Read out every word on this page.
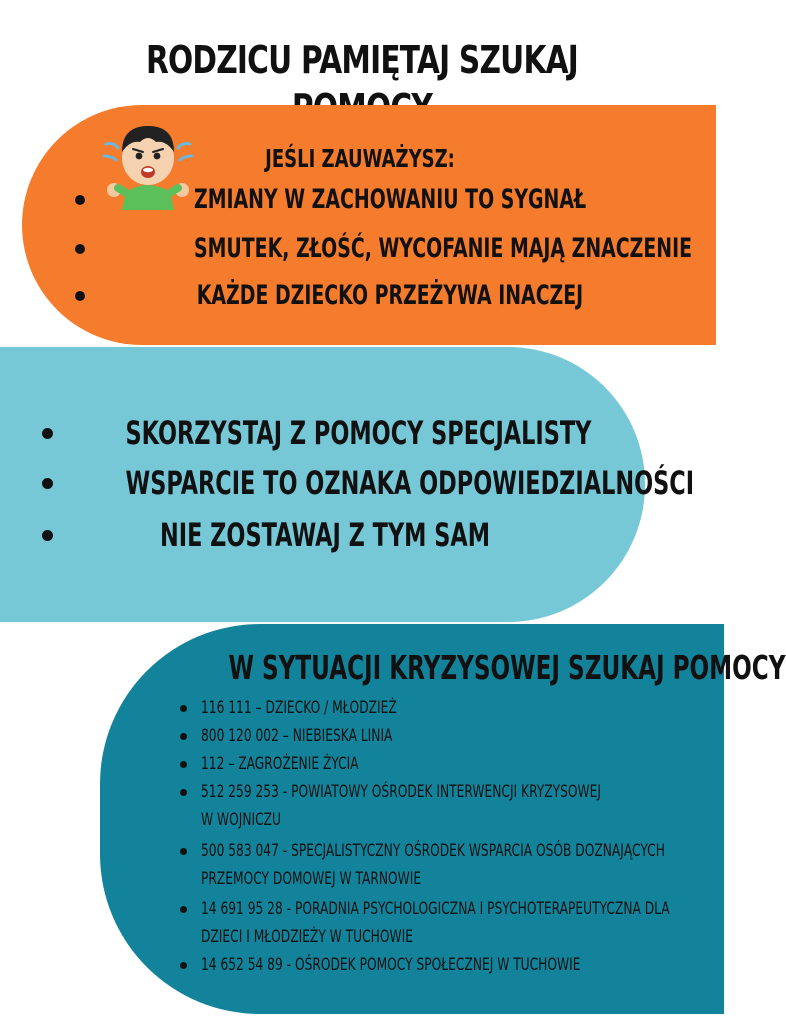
RODZICU PAMIĘTAJ SZUKAJ
JEŚLI ZAUWAŻYSZ:
ZMIANY W ZACHOWANIU TO SYGNAŁ
SMUTEK, ZŁOŚĆ, WYCOFANIE MAJĄ ZNACZENIE
KAŻDE DZIECKO PRZEŻYWA INACZEJ
SKORZYSTAJ Z POMOCY SPECJALISTY
WSPARCIE TO OZNAKA ODPOWIEDZIALNOŚCI
NIE ZOSTAWAJ Z TYM SAM
W SYTUACJI KRYZYSOWEJ SZUKAJ POMOCY
116 111 – DZIECKO / MŁODZIEŻ
800 120 002 – NIEBIESKA LINIA
112 – ZAGROŻENIE ŻYCIA
512 259 253 - POWIATOWY OŚRODEK INTERWENCJI KRYZYSOWEJ
W WOJNICZU
500 583 047 - SPECJALISTYCZNY OŚRODEK WSPARCIA OSÓB DOZNAJĄCYCH
PRZEMOCY DOMOWEJ W TARNOWIE
14 691 95 28 - PORADNIA PSYCHOLOGICZNA I PSYCHOTERAPEUTYCZNA DLA
DZIECI I MŁODZIEŻY W TUCHOWIE
14 652 54 89 - OŚRODEK POMOCY SPOŁECZNEJ W TUCHOWIE
